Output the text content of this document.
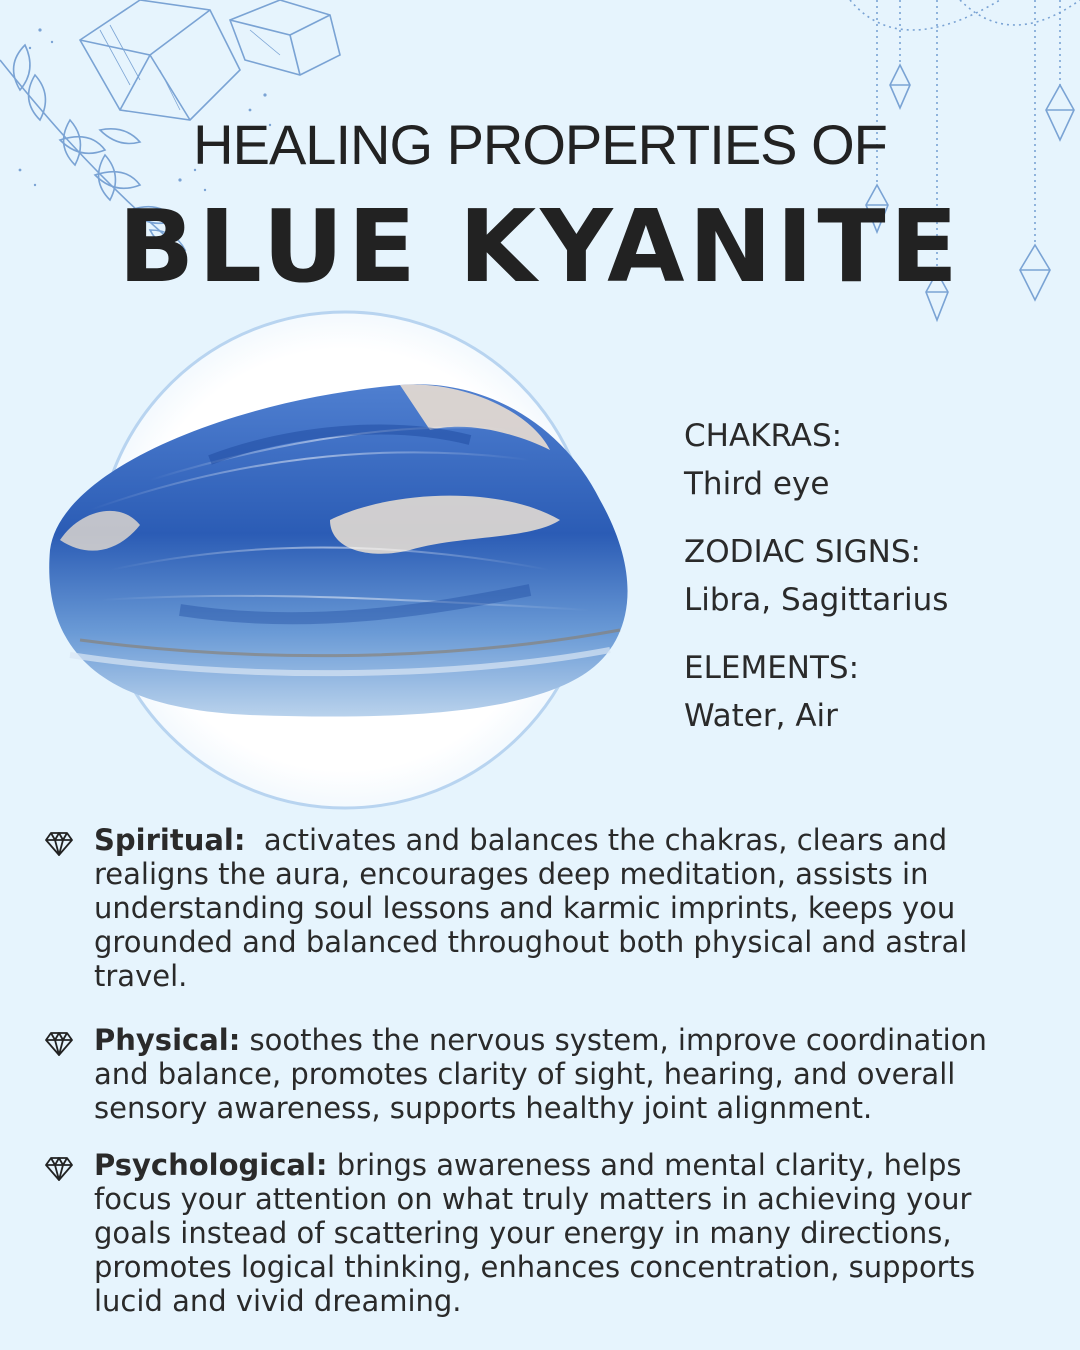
HEALING PROPERTIES OF
BLUE KYANITE
CHAKRAS:
Third eye
ZODIAC SIGNS:
Libra, Sagittarius
ELEMENTS:
Water, Air
Spiritual:  activates and balances the chakras, clears and realigns the aura, encourages deep meditation, assists in understanding soul lessons and karmic imprints, keeps you grounded and balanced throughout both physical and astral travel.
Physical: soothes the nervous system, improve coordination and balance, promotes clarity of sight, hearing, and overall sensory awareness, supports healthy joint alignment.
Psychological: brings awareness and mental clarity, helps focus your attention on what truly matters in achieving your goals instead of scattering your energy in many directions, promotes logical thinking, enhances concentration, supports lucid and vivid dreaming.
